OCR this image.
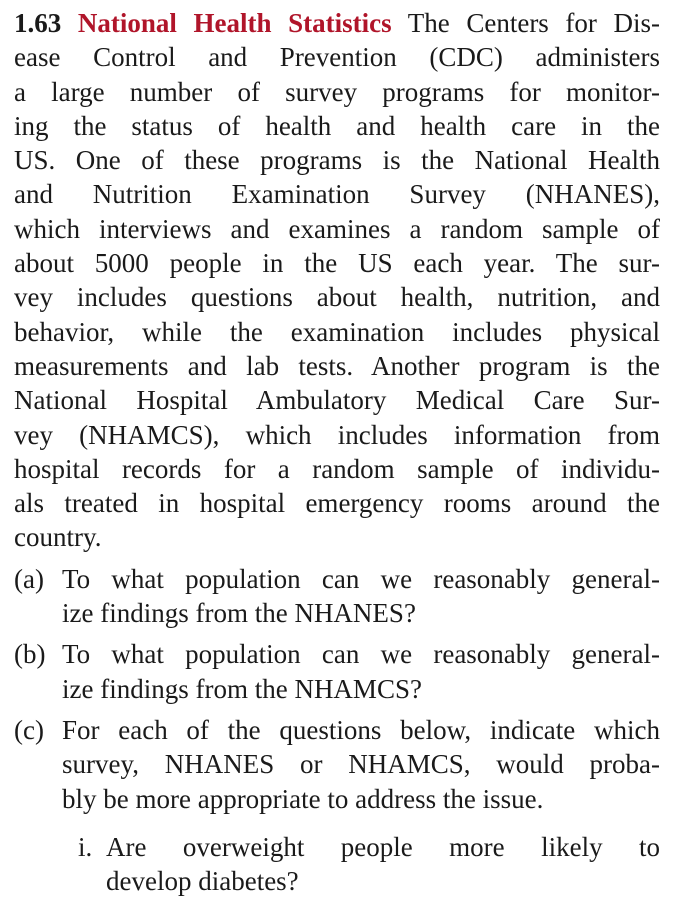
1.63 National Health Statistics The Centers for Dis-
ease Control and Prevention (CDC) administers
a large number of survey programs for monitor-
ing the status of health and health care in the
US. One of these programs is the National Health
and Nutrition Examination Survey (NHANES),
which interviews and examines a random sample of
about 5000 people in the US each year. The sur-
vey includes questions about health, nutrition, and
behavior, while the examination includes physical
measurements and lab tests. Another program is the
National Hospital Ambulatory Medical Care Sur-
vey (NHAMCS), which includes information from
hospital records for a random sample of individu-
als treated in hospital emergency rooms around the
country.
(a) To what population can we reasonably general-
ize findings from the NHANES?
(b) To what population can we reasonably general-
ize findings from the NHAMCS?
(c) For each of the questions below, indicate which
survey, NHANES or NHAMCS, would proba-
bly be more appropriate to address the issue.
i. Are overweight people more likely to
develop diabetes?
